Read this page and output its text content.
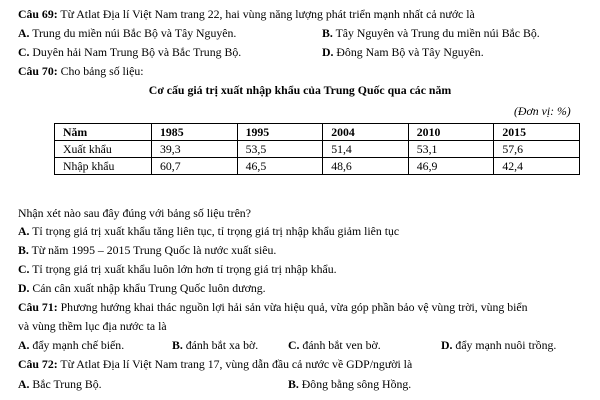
Câu 69: Từ Atlat Địa lí Việt Nam trang 22, hai vùng năng lượng phát triển mạnh nhất cả nước là
A. Trung du miền núi Bắc Bộ và Tây Nguyên.	B. Tây Nguyên và Trung du miền núi Bắc Bộ.
C. Duyên hải Nam Trung Bộ và Bắc Trung Bộ.	D. Đông Nam Bộ và Tây Nguyên.
Câu 70: Cho bảng số liệu:
Cơ cấu giá trị xuất nhập khẩu của Trung Quốc qua các năm
(Đơn vị: %)
Năm	1985	1995	2004	2010	2015
Xuất khẩu	39,3	53,5	51,4	53,1	57,6
Nhập khẩu	60,7	46,5	48,6	46,9	42,4
Nhận xét nào sau đây đúng với bảng số liệu trên?
A. Tỉ trọng giá trị xuất khẩu tăng liên tục, tỉ trọng giá trị nhập khẩu giảm liên tục
B. Từ năm 1995 – 2015 Trung Quốc là nước xuất siêu.
C. Tỉ trọng giá trị xuất khẩu luôn lớn hơn tỉ trọng giá trị nhập khẩu.
D. Cán cân xuất nhập khẩu Trung Quốc luôn dương.
Câu 71: Phương hướng khai thác nguồn lợi hải sản vừa hiệu quả, vừa góp phần bảo vệ vùng trời, vùng biển
và vùng thềm lục địa nước ta là
A. đẩy mạnh chế biến.	B. đánh bắt xa bờ.	C. đánh bắt ven bờ.	D. đẩy mạnh nuôi trồng.
Câu 72: Từ Atlat Địa lí Việt Nam trang 17, vùng dẫn đầu cả nước về GDP/người là
A. Bắc Trung Bộ.	B. Đông bằng sông Hồng.
